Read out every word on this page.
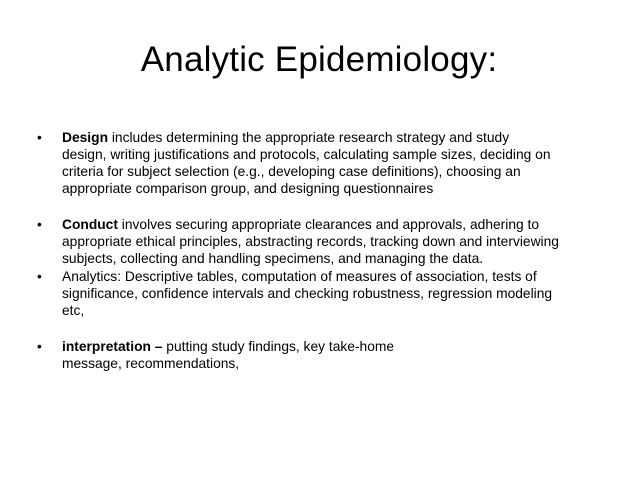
Analytic Epidemiology:
•	Design includes determining the appropriate research strategy and study
design, writing justifications and protocols, calculating sample sizes, deciding on
criteria for subject selection (e.g., developing case definitions), choosing an
appropriate comparison group, and designing questionnaires
•	Conduct involves securing appropriate clearances and approvals, adhering to
appropriate ethical principles, abstracting records, tracking down and interviewing
subjects, collecting and handling specimens, and managing the data.
•	Analytics: Descriptive tables, computation of measures of association, tests of
significance, confidence intervals and checking robustness, regression modeling
etc,
•	interpretation – putting study findings, key take-home
message, recommendations,
